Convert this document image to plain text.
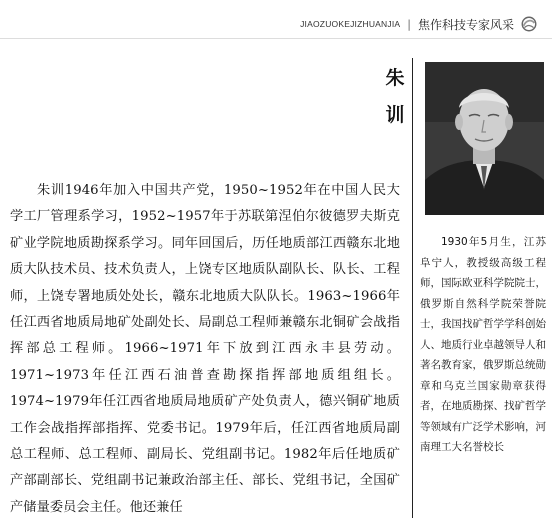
JIAOZUOKEJIZHUANJIA | 焦作科技专家风采
朱
训
1930年5月生，江苏阜宁人，教授级高级工程师，国际欧亚科学院院士，俄罗斯自然科学院荣誉院士，我国找矿哲学学科创始人、地质行业卓越领导人和著名教育家，俄罗斯总统勋章和乌克兰国家勋章获得者，在地质勘探、找矿哲学等领域有广泛学术影响，河南理工大名誉校长
朱训1946年加入中国共产党，1950~1952年在中国人民大学工厂管理系学习，1952~1957年于苏联第涅伯尔彼德罗夫斯克矿业学院地质勘探系学习。同年回国后，历任地质部江西赣东北地质大队技术员、技术负责人，上饶专区地质队副队长、队长、工程师，上饶专署地质处处长，赣东北地质大队队长。1963~1966年任江西省地质局地矿处副处长、局副总工程师兼赣东北铜矿会战指挥部总工程师。1966~1971年下放到江西永丰县劳动。1971~1973年任江西石油普查勘探指挥部地质组组长。1974~1979年任江西省地质局地质矿产处负责人，德兴铜矿地质工作会战指挥部指挥、党委书记。1979年后，任江西省地质局副总工程师、总工程师、副局长、党组副书记。1982年后任地质矿产部副部长、党组副书记兼政治部主任、部长、党组书记，全国矿产储量委员会主任。他还兼任
